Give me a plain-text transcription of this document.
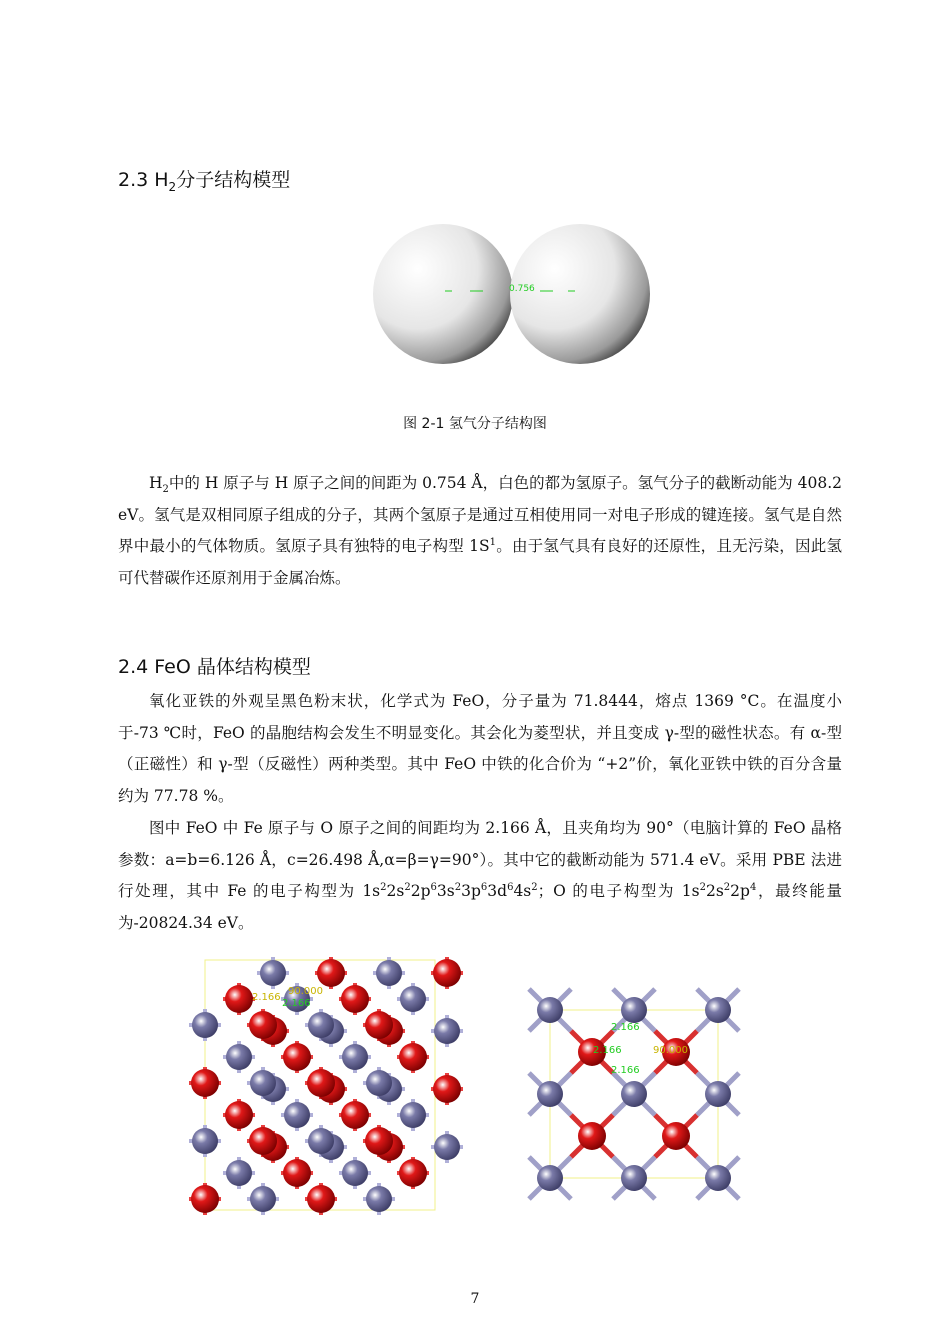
2.3 $H_2$分子结构模型
0.756
图 2-1 氢气分子结构图

$H_2$中的 H 原子与 H 原子之间的间距为 0.754 Å，白色的都为氢原子。氢气分子的截断动能为 408.2 eV。氢气是双相同原子组成的分子，其两个氢原子是通过互相使用同一对电子形成的键连接。氢气是自然界中最小的气体物质。氢原子具有独特的电子构型 $1S^1$。由于氢气具有良好的还原性，且无污染，因此氢可代替碳作还原剂用于金属冶炼。

2.4 FeO 晶体结构模型

氧化亚铁的外观呈黑色粉末状，化学式为 FeO，分子量为 71.8444，熔点 1369 °C。在温度小于-73 ℃时，FeO 的晶胞结构会发生不明显变化。其会化为菱型状，并且变成 γ-型的磁性状态。有 α-型（正磁性）和 γ-型（反磁性）两种类型。其中 FeO 中铁的化合价为 “+2”价，氧化亚铁中铁的百分含量约为 77.78 %。

图中 FeO 中 Fe 原子与 O 原子之间的间距均为 2.166 Å，且夹角均为 90°（电脑计算的 FeO 晶格参数：a=b=6.126 Å，c=26.498 Å,α=β=γ=90°）。其中它的截断动能为 571.4 eV。采用 PBE 法进行处理，其中 Fe 的电子构型为 $1s^22s^22p^63s^23p^63d^64s^2$；O 的电子构型为 $1s^22s^22p^4$，最终能量为-20824.34 eV。

2.166
90.000
2.166
2.166
2.166	90.000
2.166
7
